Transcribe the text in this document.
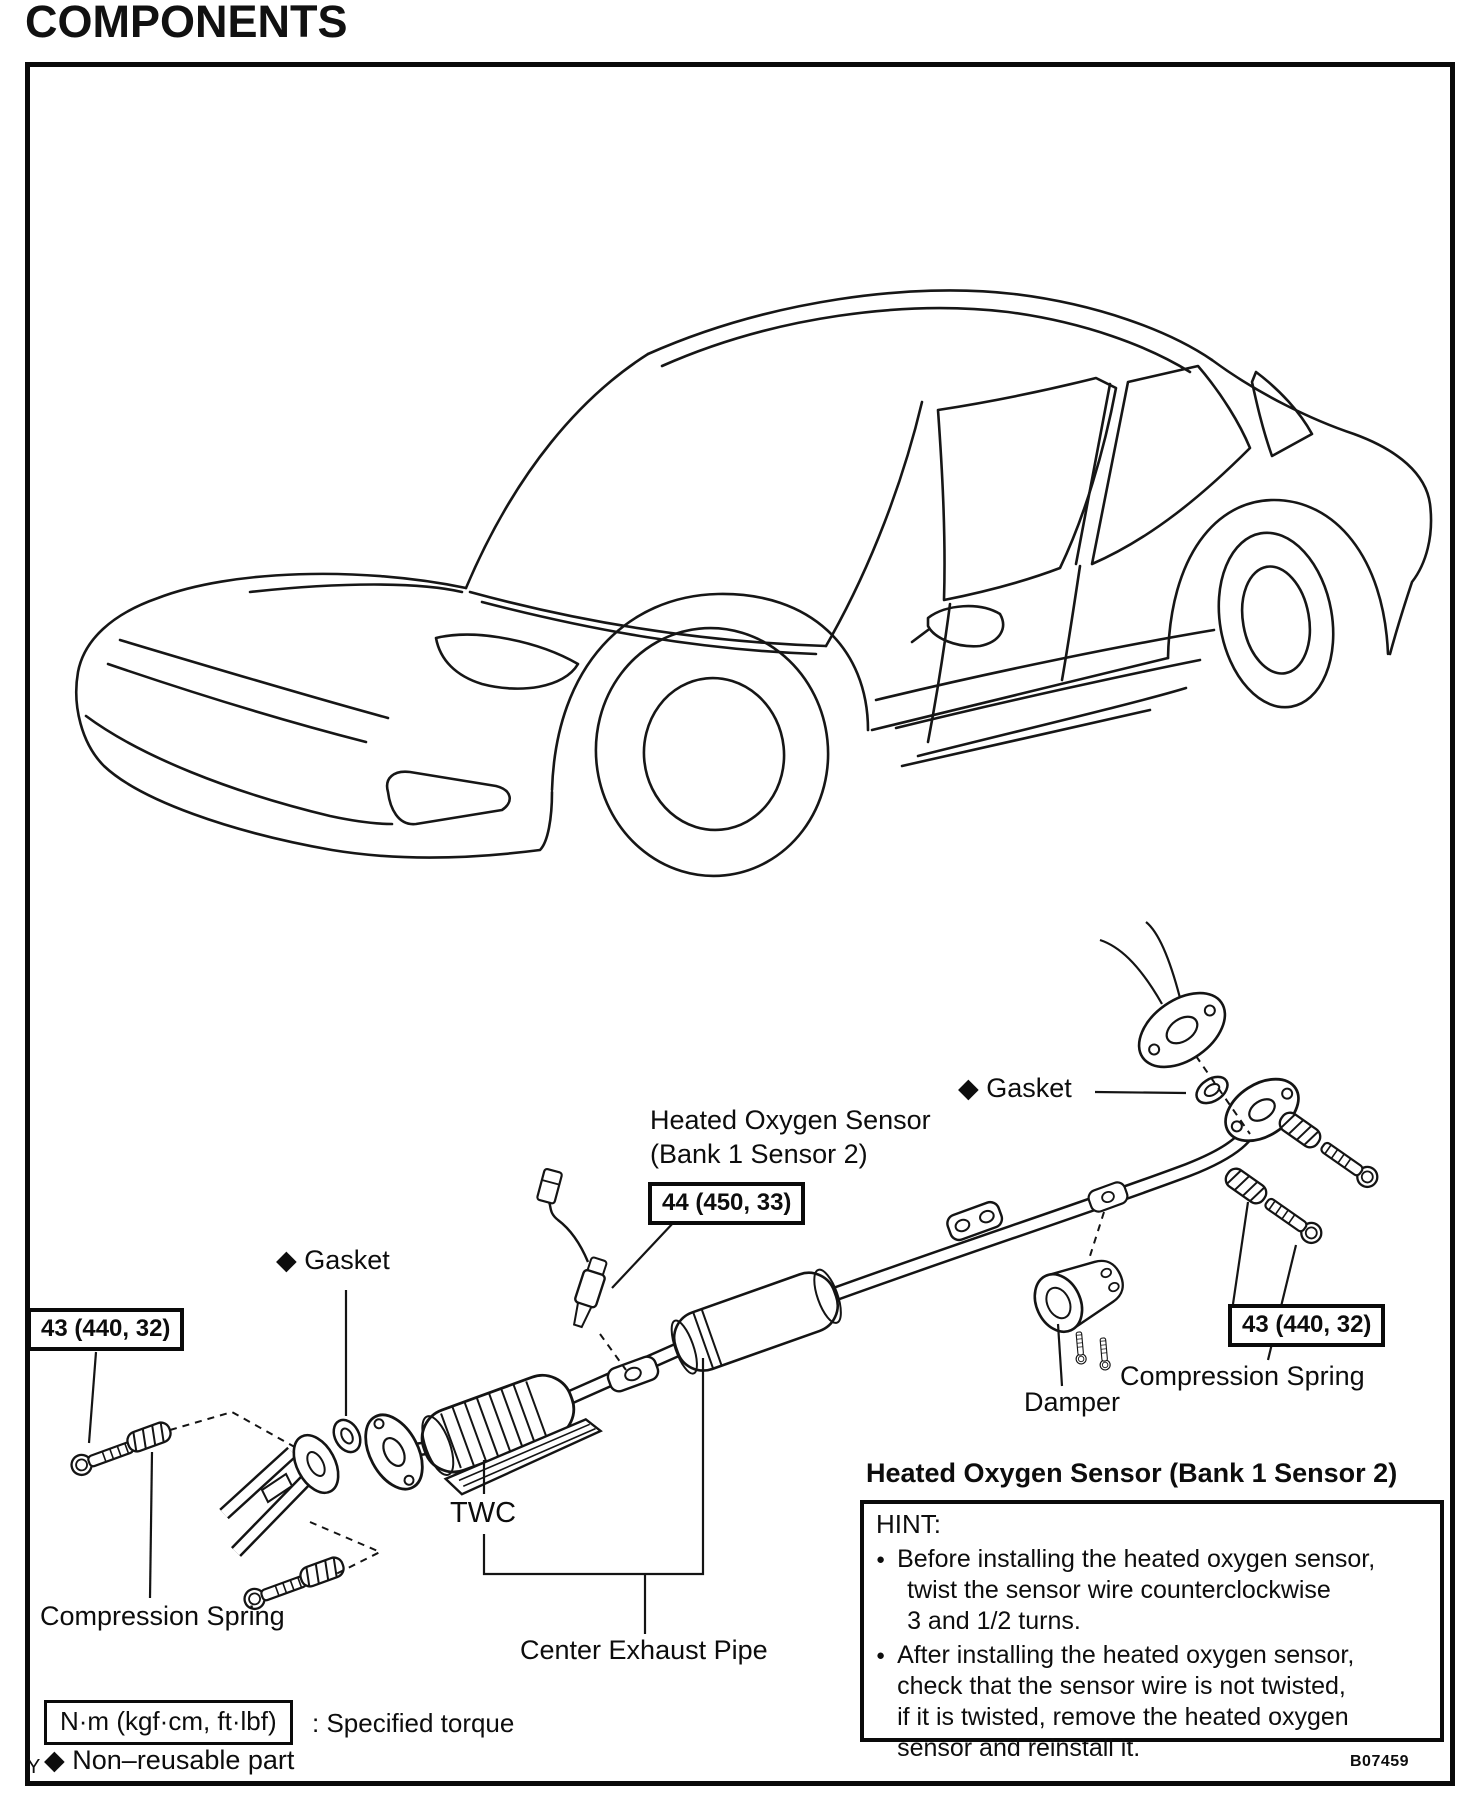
COMPONENTS
◆ Gasket
Heated Oxygen Sensor
(Bank 1 Sensor 2)
44 (450, 33)
◆ Gasket
43 (440, 32)	43 (440, 32)
Compression Spring
Damper
TWC
Compression Spring
Center Exhaust Pipe
Heated Oxygen Sensor (Bank 1 Sensor 2)
HINT:
● Before installing the heated oxygen sensor,
twist the sensor wire counterclockwise
3 and 1/2 turns.
● After installing the heated oxygen sensor,
check that the sensor wire is not twisted,
if it is twisted, remove the heated oxygen
sensor and reinstall it.
N·m (kgf·cm, ft·lbf)	: Specified torque
◆ Non–reusable part
Y	B07459
